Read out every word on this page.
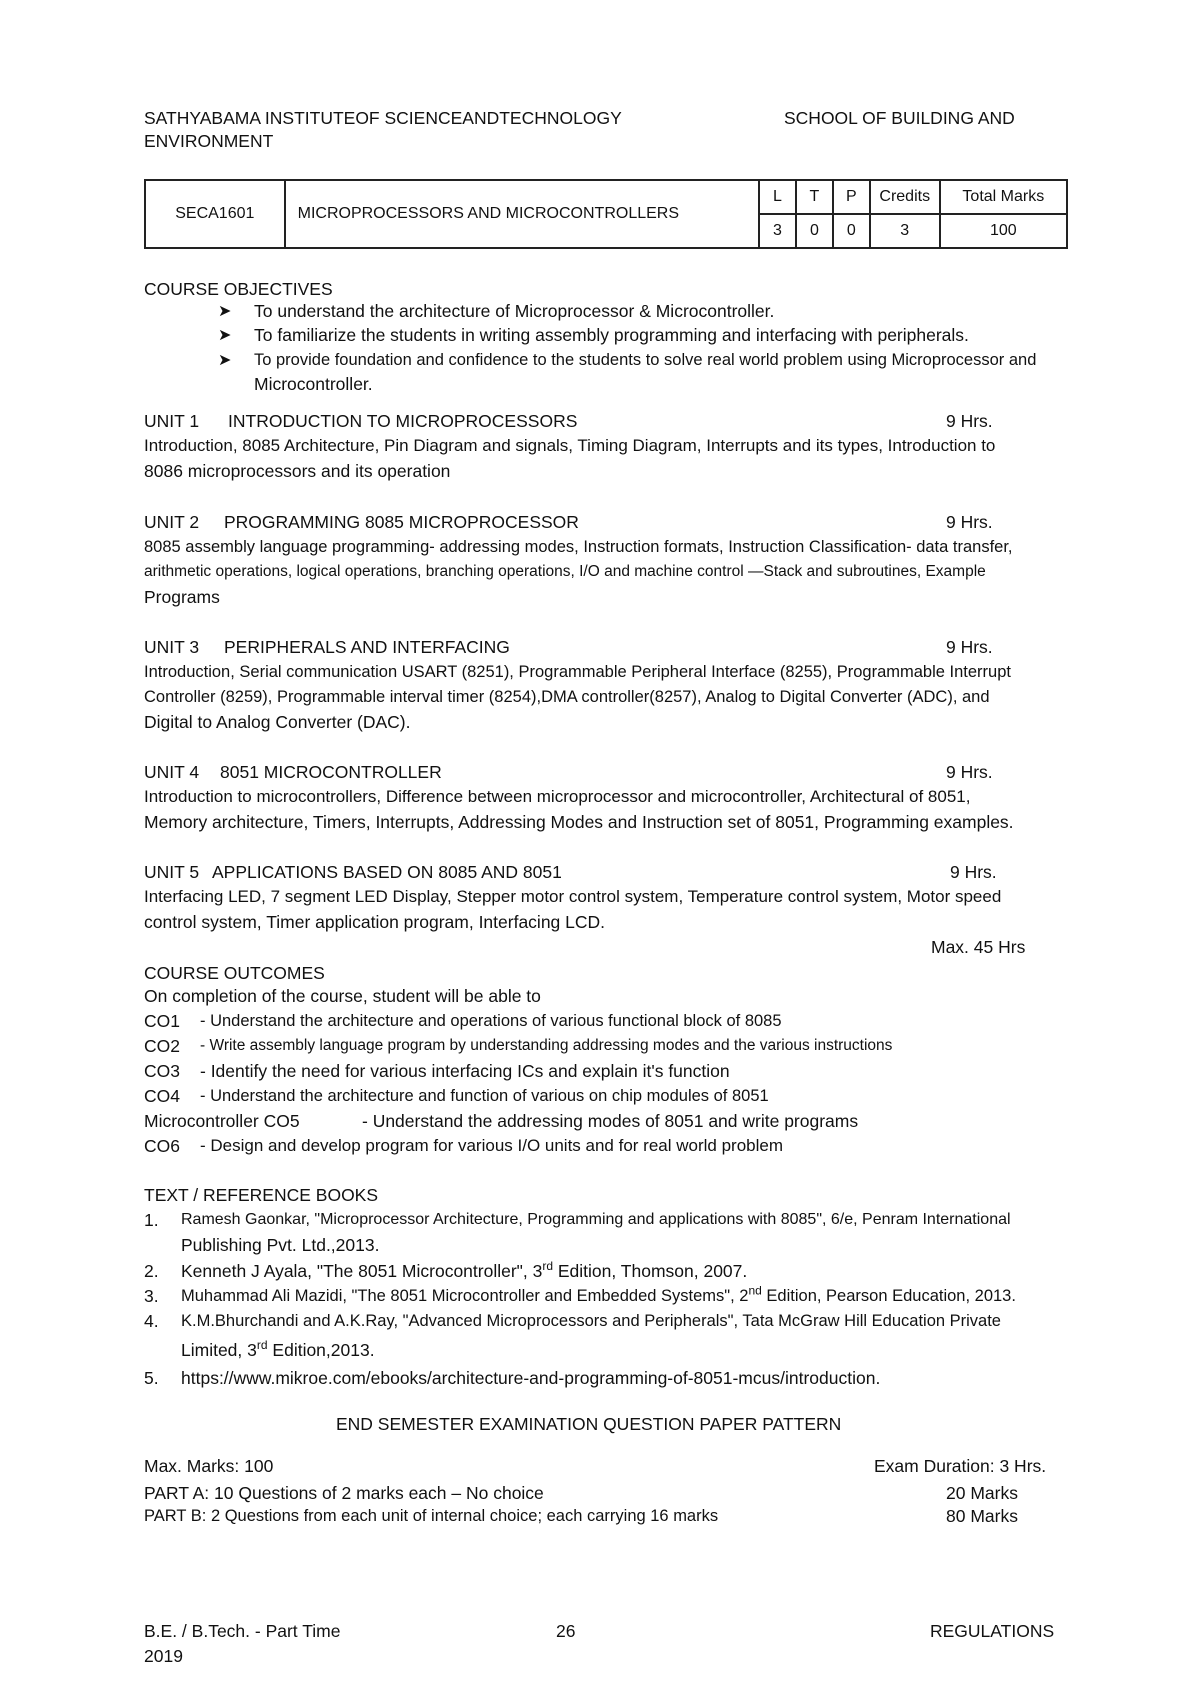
SATHYABAMA INSTITUTEOF SCIENCEANDTECHNOLOGY	SCHOOL OF BUILDING AND
ENVIRONMENT
SECA1601	MICROPROCESSORS AND MICROCONTROLLERS	L	T	P	Credits	Total Marks
		3	0	0	3	100
COURSE OBJECTIVES
➤ To understand the architecture of Microprocessor & Microcontroller.
➤ To familiarize the students in writing assembly programming and interfacing with peripherals.
➤ To provide foundation and confidence to the students to solve real world problem using Microprocessor and
Microcontroller.
UNIT 1 INTRODUCTION TO MICROPROCESSORS	9 Hrs.
Introduction, 8085 Architecture, Pin Diagram and signals, Timing Diagram, Interrupts and its types, Introduction to
8086 microprocessors and its operation
UNIT 2 PROGRAMMING 8085 MICROPROCESSOR	9 Hrs.
8085 assembly language programming- addressing modes, Instruction formats, Instruction Classification- data transfer,
arithmetic operations, logical operations, branching operations, I/O and machine control —Stack and subroutines, Example
Programs
UNIT 3 PERIPHERALS AND INTERFACING	9 Hrs.
Introduction, Serial communication USART (8251), Programmable Peripheral Interface (8255), Programmable Interrupt
Controller (8259), Programmable interval timer (8254),DMA controller(8257), Analog to Digital Converter (ADC), and
Digital to Analog Converter (DAC).
UNIT 4 8051 MICROCONTROLLER	9 Hrs.
Introduction to microcontrollers, Difference between microprocessor and microcontroller, Architectural of 8051,
Memory architecture, Timers, Interrupts, Addressing Modes and Instruction set of 8051, Programming examples.
UNIT 5 APPLICATIONS BASED ON 8085 AND 8051	9 Hrs.
Interfacing LED, 7 segment LED Display, Stepper motor control system, Temperature control system, Motor speed
control system, Timer application program, Interfacing LCD.
Max. 45 Hrs
COURSE OUTCOMES
On completion of the course, student will be able to
CO1 - Understand the architecture and operations of various functional block of 8085
CO2 - Write assembly language program by understanding addressing modes and the various instructions
CO3 - Identify the need for various interfacing ICs and explain it's function
CO4 - Understand the architecture and function of various on chip modules of 8051
Microcontroller CO5	- Understand the addressing modes of 8051 and write programs
CO6 - Design and develop program for various I/O units and for real world problem
TEXT / REFERENCE BOOKS
1. Ramesh Gaonkar, "Microprocessor Architecture, Programming and applications with 8085", 6/e, Penram International
Publishing Pvt. Ltd.,2013.
2. Kenneth J Ayala, "The 8051 Microcontroller", 3rd Edition, Thomson, 2007.
3. Muhammad Ali Mazidi, "The 8051 Microcontroller and Embedded Systems", 2nd Edition, Pearson Education, 2013.
4. K.M.Bhurchandi and A.K.Ray, "Advanced Microprocessors and Peripherals", Tata McGraw Hill Education Private
Limited, 3rd Edition,2013.
5. https://www.mikroe.com/ebooks/architecture-and-programming-of-8051-mcus/introduction.
END SEMESTER EXAMINATION QUESTION PAPER PATTERN
Max. Marks: 100	Exam Duration: 3 Hrs.
PART A: 10 Questions of 2 marks each – No choice	20 Marks
PART B: 2 Questions from each unit of internal choice; each carrying 16 marks	80 Marks
B.E. / B.Tech. - Part Time
2019
26	REGULATIONS
